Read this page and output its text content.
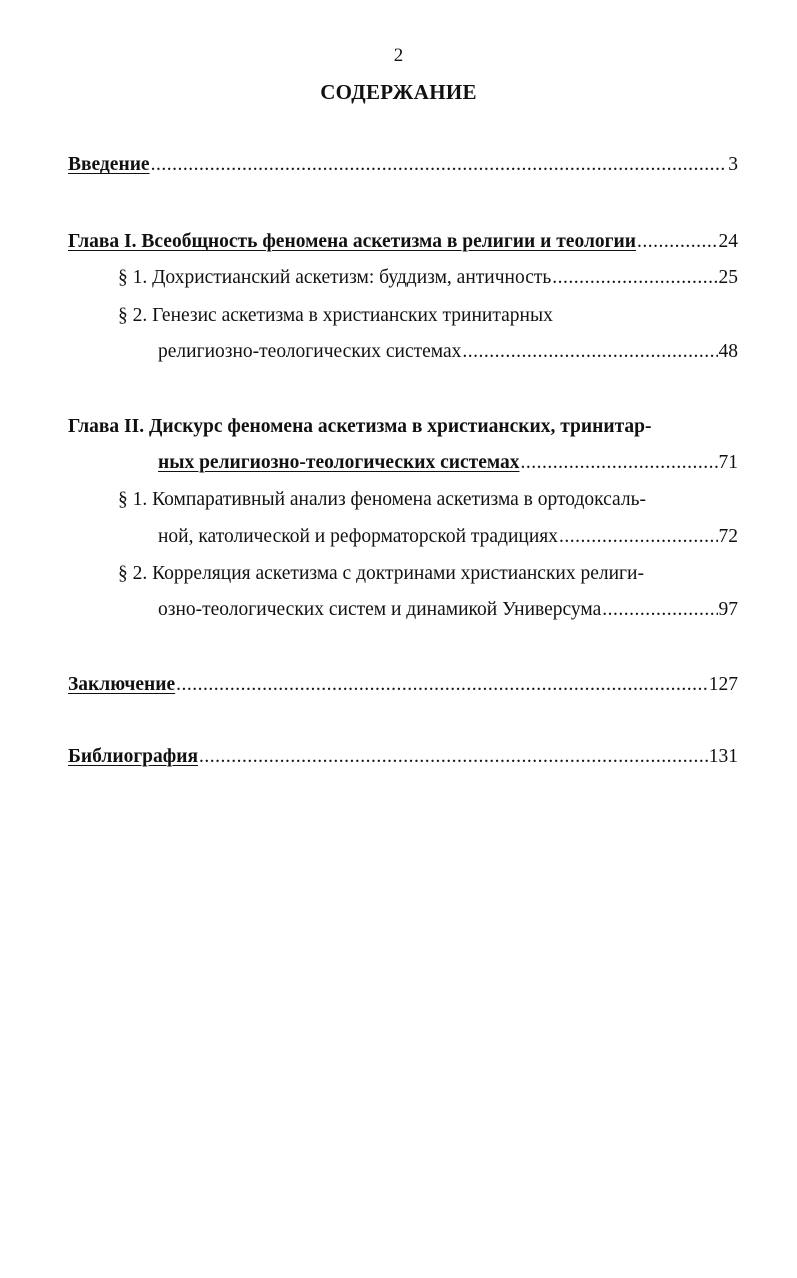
2
СОДЕРЖАНИЕ
Введение .....	3
Глава I. Всеобщность феномена аскетизма в религии и теологии .....	24
§ 1. Дохристианский аскетизм: буддизм, античность .....	25
§ 2. Генезис аскетизма в христианских тринитарных
религиозно-теологических системах .....	48
Глава II. Дискурс феномена аскетизма в христианских, тринитар-
ных религиозно-теологических системах .....	71
§ 1. Компаративный анализ феномена аскетизма в ортодоксаль-
ной, католической и реформаторской традициях .....	72
§ 2. Корреляция аскетизма с доктринами христианских религи-
озно-теологических систем и динамикой Универсума .....	97
Заключение .....	127
Библиография .....	131
